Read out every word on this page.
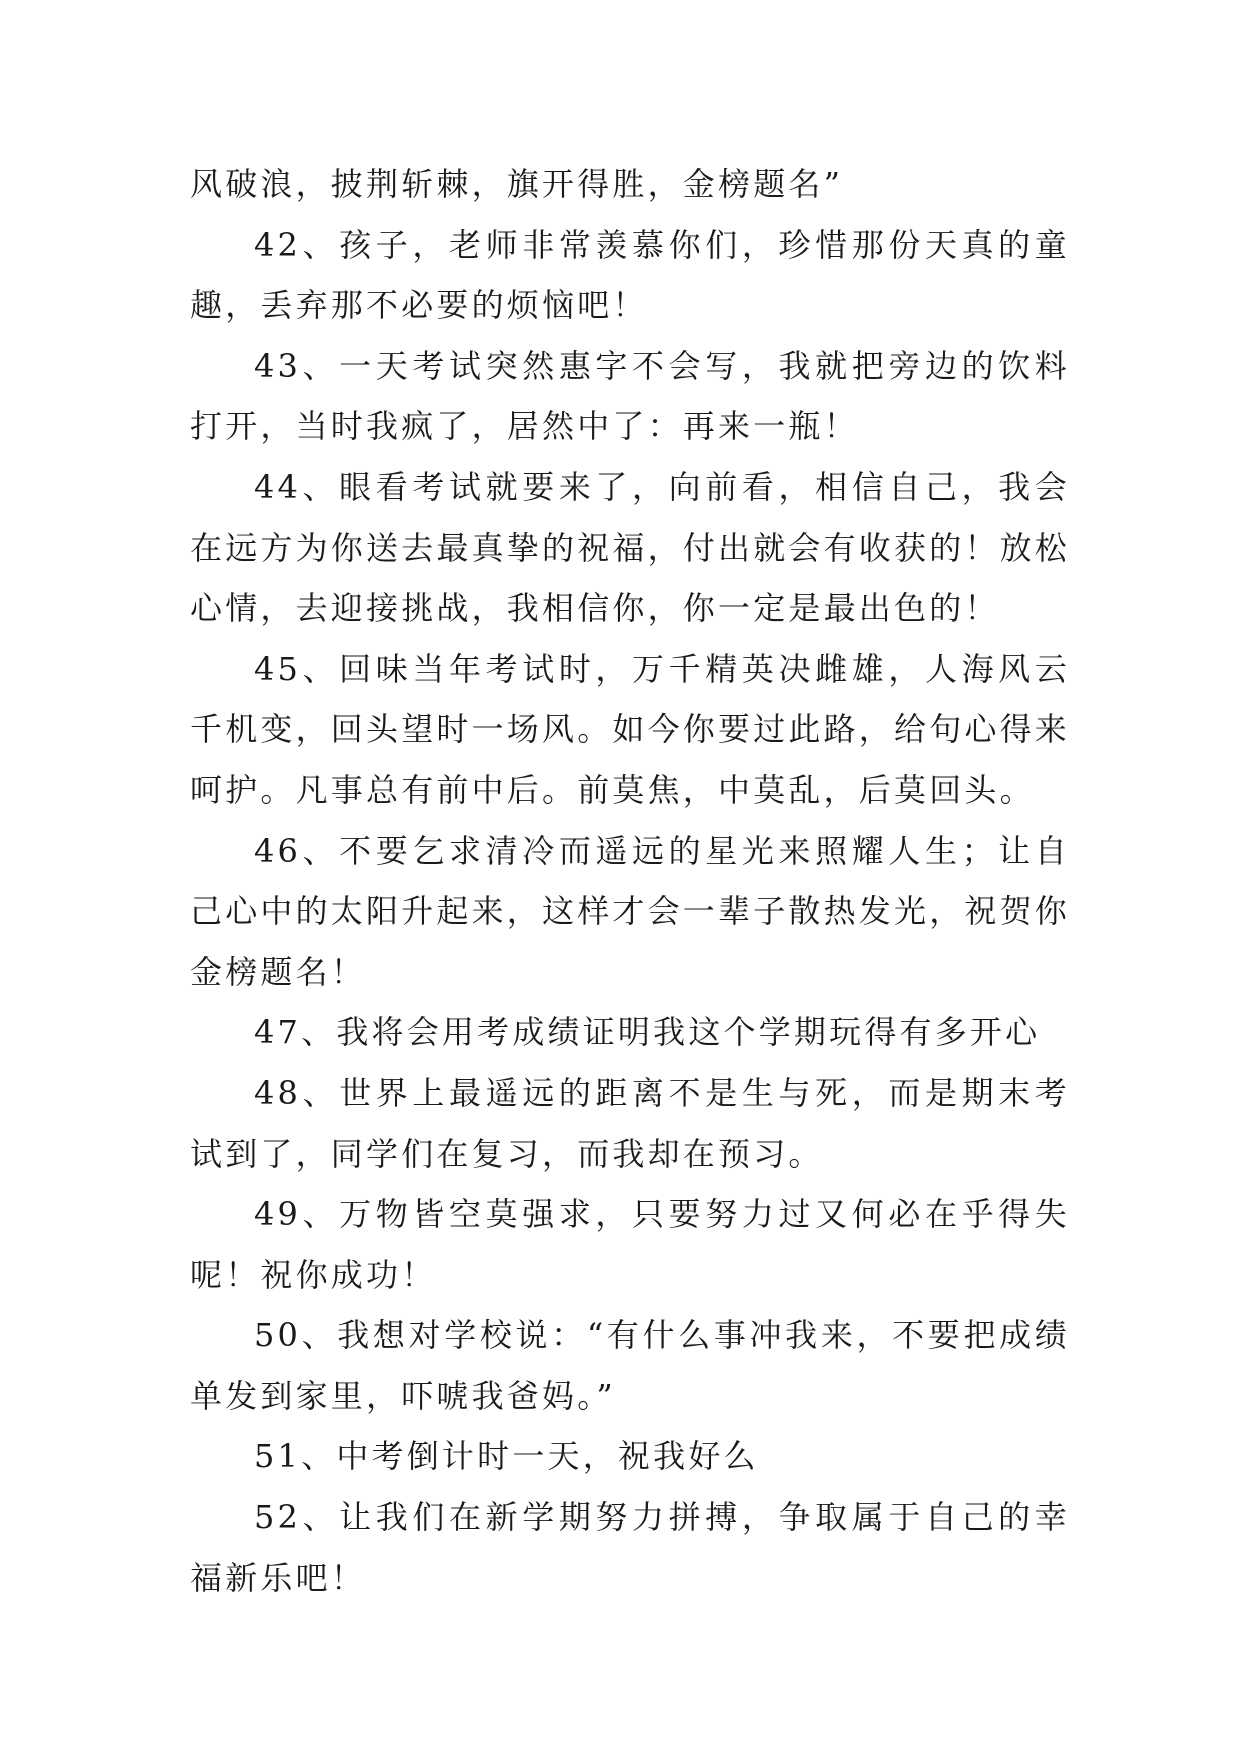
风破浪，披荆斩棘，旗开得胜，金榜题名”

42、孩子，老师非常羡慕你们，珍惜那份天真的童趣，丢弃那不必要的烦恼吧！

43、一天考试突然惠字不会写，我就把旁边的饮料打开，当时我疯了，居然中了：再来一瓶！

44、眼看考试就要来了，向前看，相信自己，我会在远方为你送去最真挚的祝福，付出就会有收获的！放松心情，去迎接挑战，我相信你，你一定是最出色的！

45、回味当年考试时，万千精英决雌雄，人海风云千机变，回头望时一场风。如今你要过此路，给句心得来呵护。凡事总有前中后。前莫焦，中莫乱，后莫回头。

46、不要乞求清冷而遥远的星光来照耀人生；让自己心中的太阳升起来，这样才会一辈子散热发光，祝贺你金榜题名！

47、我将会用考成绩证明我这个学期玩得有多开心

48、世界上最遥远的距离不是生与死，而是期末考试到了，同学们在复习，而我却在预习。

49、万物皆空莫强求，只要努力过又何必在乎得失呢！祝你成功！

50、我想对学校说：“有什么事冲我来，不要把成绩单发到家里，吓唬我爸妈。”

51、中考倒计时一天，祝我好么

52、让我们在新学期努力拼搏，争取属于自己的幸福新乐吧！
